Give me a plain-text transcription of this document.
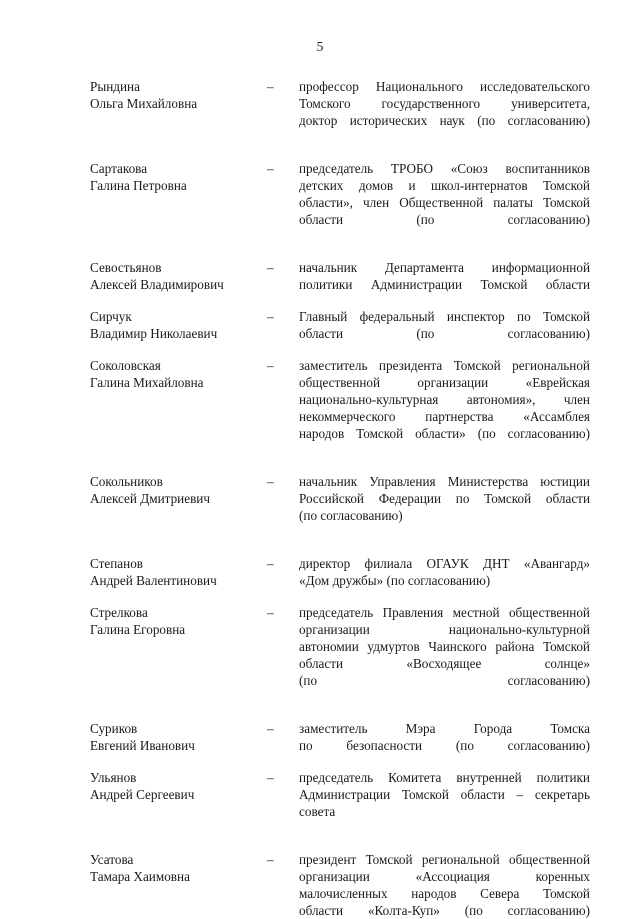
5
Рындина
Ольга Михайловна
–	профессор Национального исследовательского
Томского государственного университета,
доктор исторических наук (по согласованию)
Сартакова
Галина Петровна
–	председатель ТРОБО «Союз воспитанников
детских домов и школ-интернатов Томской
области», член Общественной палаты Томской
области (по согласованию)
Севостьянов
Алексей Владимирович
–	начальник Департамента информационной
политики Администрации Томской области
Сирчук
Владимир Николаевич
–	Главный федеральный инспектор по Томской
области (по согласованию)
Соколовская
Галина Михайловна
–	заместитель президента Томской региональной
общественной организации «Еврейская
национально-культурная автономия», член
некоммерческого партнерства «Ассамблея
народов Томской области» (по согласованию)
Сокольников
Алексей Дмитриевич
–	начальник Управления Министерства юстиции
Российской Федерации по Томской области
(по согласованию)
Степанов
Андрей Валентинович
–	директор филиала ОГАУК ДНТ «Авангард»
«Дом дружбы» (по согласованию)
Стрелкова
Галина Егоровна
–	председатель Правления местной общественной
организации национально-культурной
автономии удмуртов Чаинского района Томской
области «Восходящее солнце»
(по согласованию)
Суриков
Евгений Иванович
–	заместитель Мэра Города Томска
по безопасности (по согласованию)
Ульянов
Андрей Сергеевич
–	председатель Комитета внутренней политики
Администрации Томской области – секретарь
совета
Усатова
Тамара Хаимовна
–	президент Томской региональной общественной
организации «Ассоциация коренных
малочисленных народов Севера Томской
области «Колта-Куп» (по согласованию)
